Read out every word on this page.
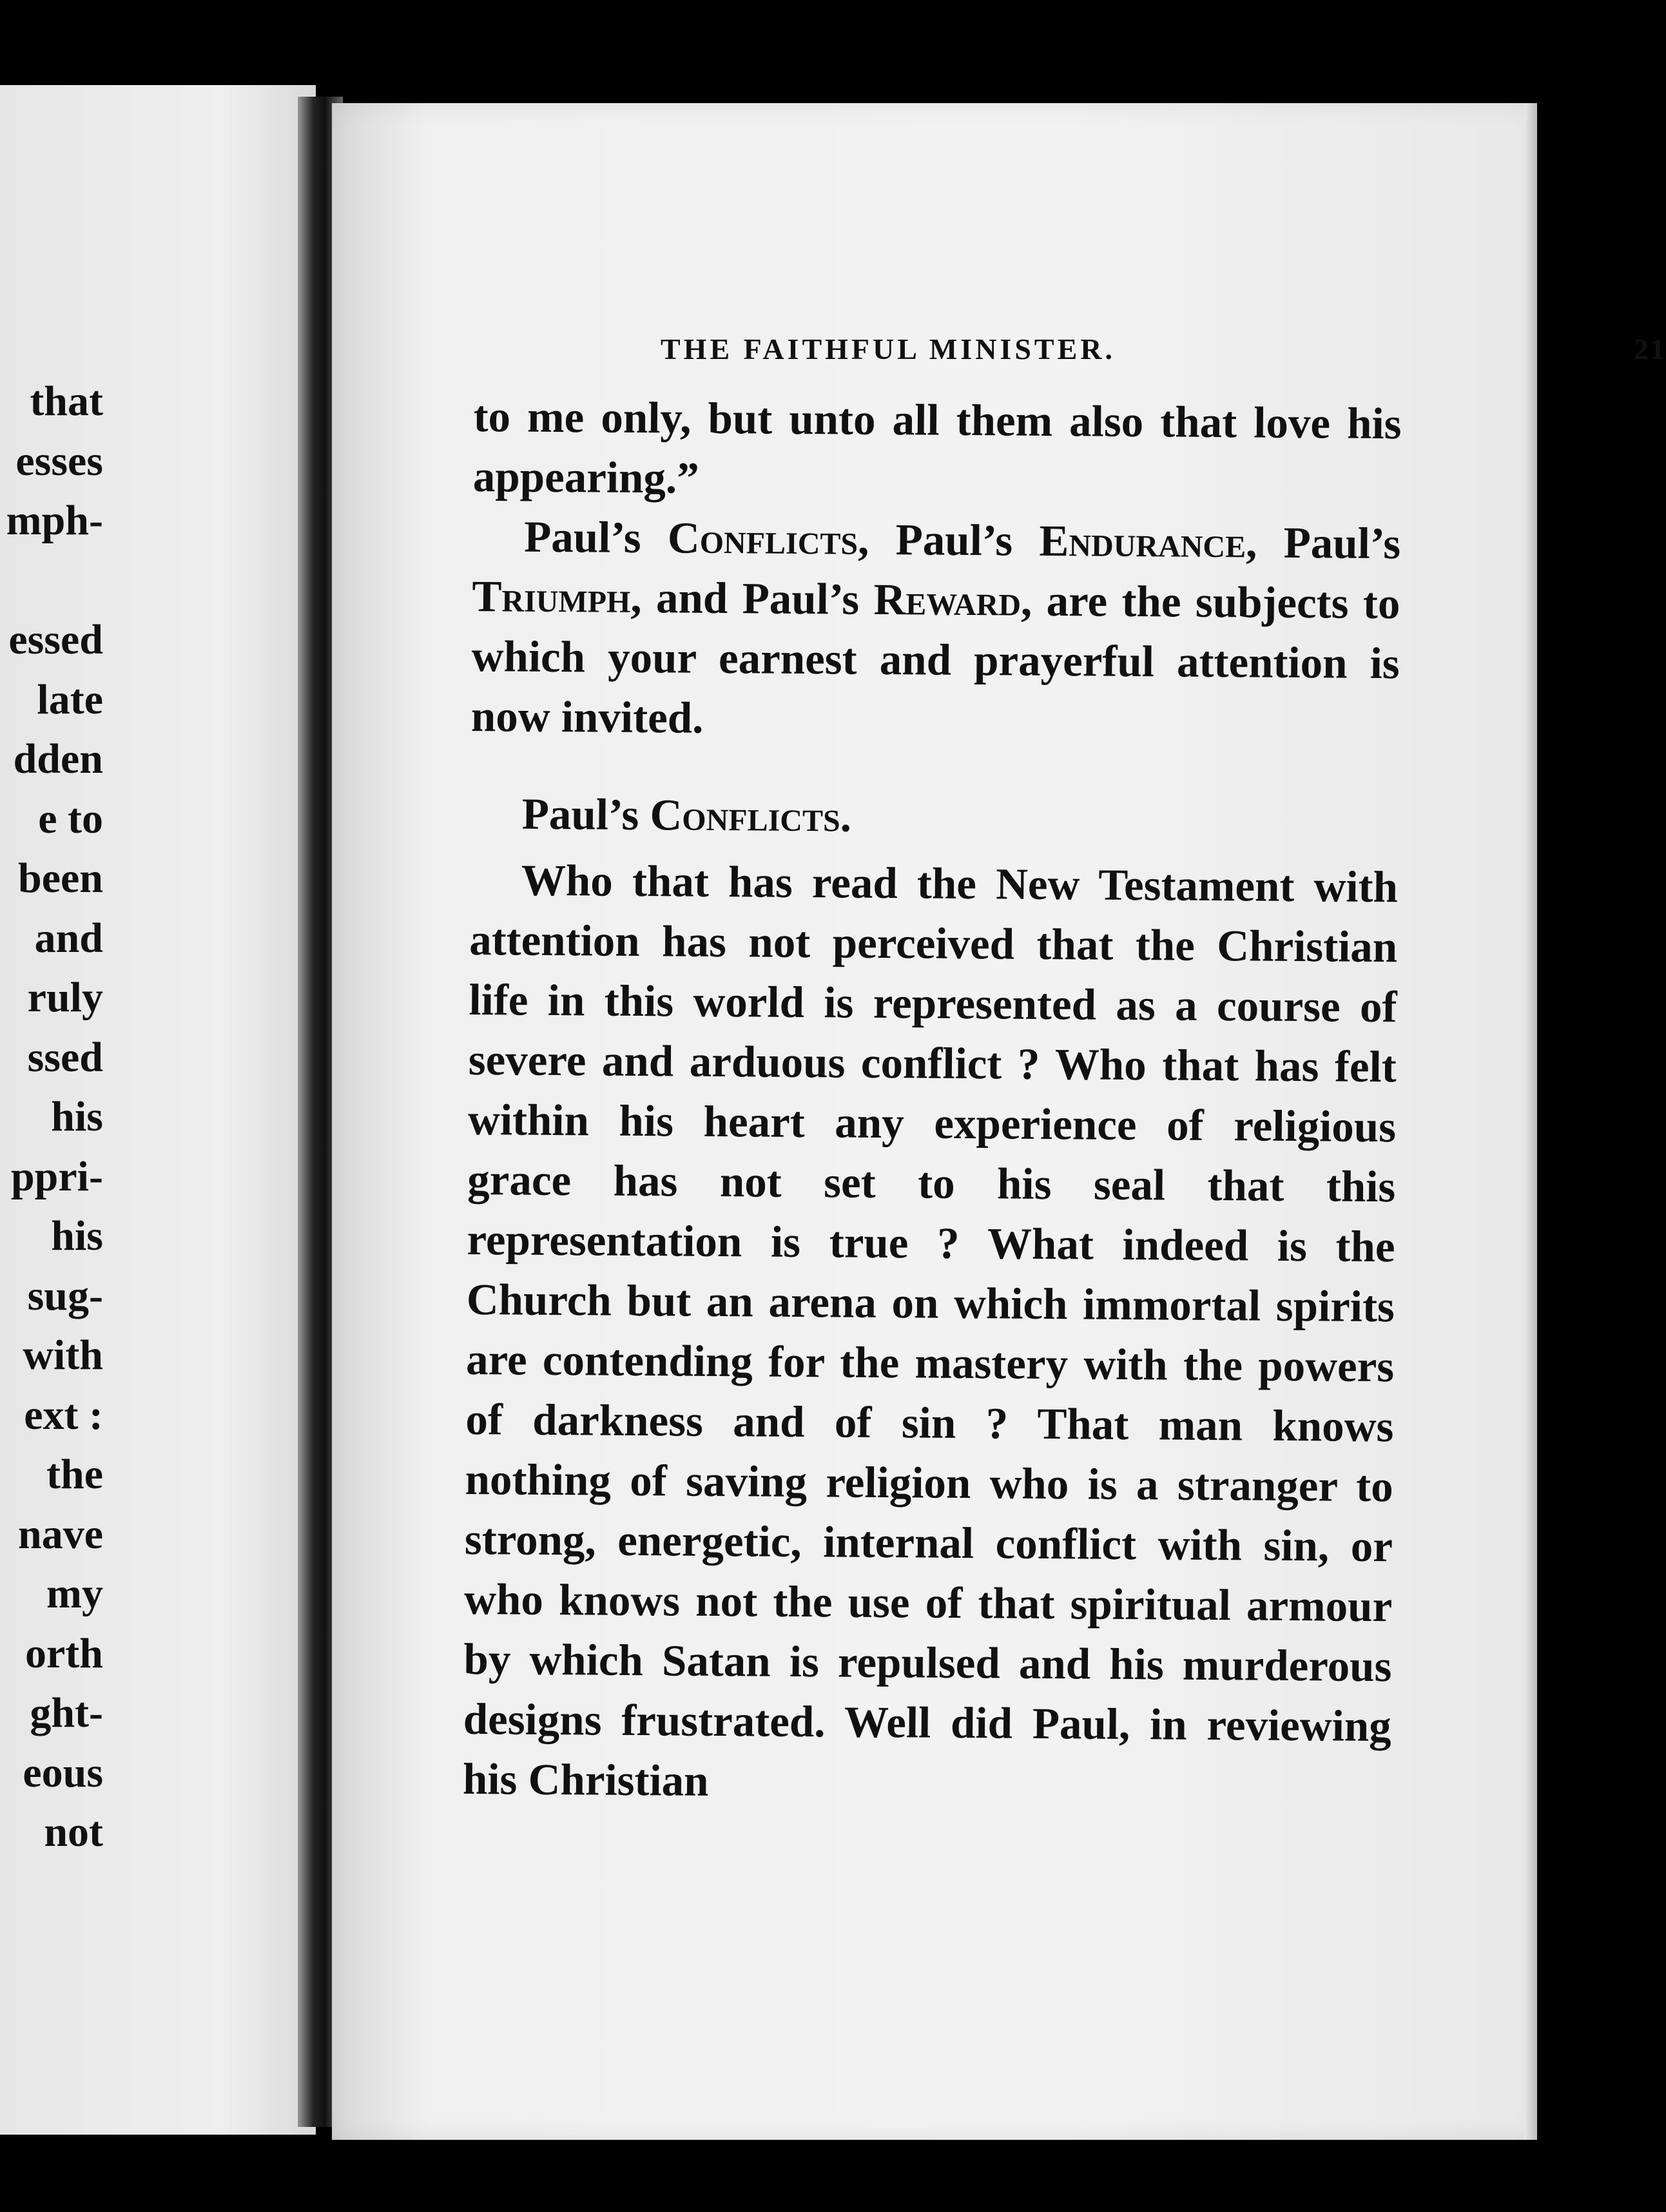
that
esses
mph-

essed
late
dden
e to
been
and
ruly
ssed
his
ppri-
his
sug-
with
ext :
the
nave
my
orth
ght-
eous
not
THE FAITHFUL MINISTER.	21

to me only, but unto all them also that love his appearing.”

Paul’s Conflicts, Paul’s Endurance, Paul’s Triumph, and Paul’s Reward, are the subjects to which your earnest and prayerful attention is now invited.

Paul’s Conflicts.

Who that has read the New Testament with attention has not perceived that the Christian life in this world is represented as a course of severe and arduous conflict ? Who that has felt within his heart any experience of religious grace has not set to his seal that this representation is true ? What indeed is the Church but an arena on which immortal spirits are contending for the mastery with the powers of darkness and of sin ? That man knows nothing of saving religion who is a stranger to strong, energetic, internal conflict with sin, or who knows not the use of that spiritual armour by which Satan is repulsed and his murderous designs frustrated. Well did Paul, in reviewing his Christian
